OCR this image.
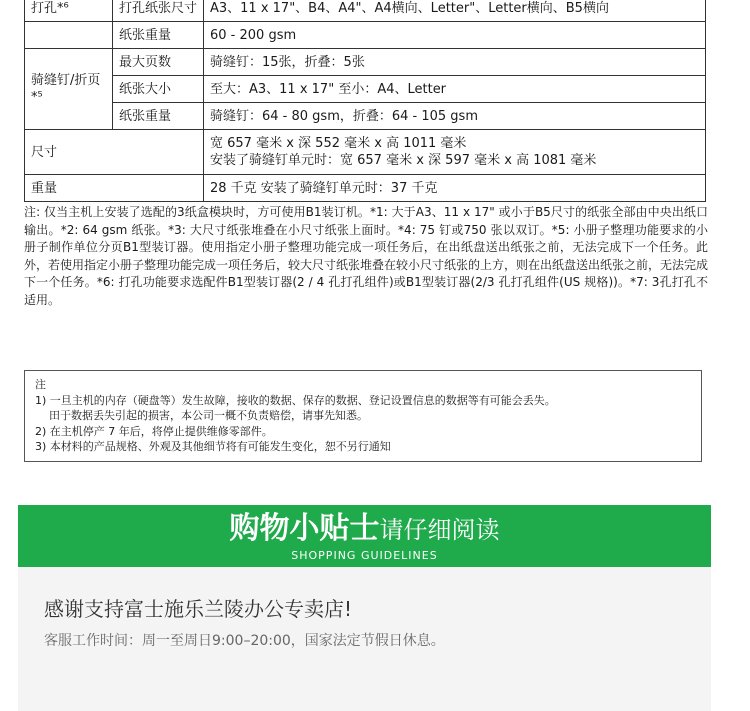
打孔*⁶	打孔纸张尺寸	A3、11 x 17"、B4、A4"、A4横向、Letter"、Letter横向、B5横向
	纸张重量	60 - 200 gsm
骑缝钉/折页*⁵	最大页数	骑缝钉：15张，折叠：5张
	纸张大小	至大：A3、11 x 17" 至小：A4、Letter
	纸张重量	骑缝钉：64 - 80 gsm，折叠：64 - 105 gsm
尺寸		宽 657 毫米 x 深 552 毫米 x 高 1011 毫米
安装了骑缝钉单元时：宽 657 毫米 x 深 597 毫米 x 高 1081 毫米

重量		28 千克 安装了骑缝钉单元时：37 千克
注: 仅当主机上安装了选配的3纸盒模块时，方可使用B1装订机。*1: 大于A3、11 x 17" 或小于B5尺寸的纸张全部由中央出纸口输出。*2: 64 gsm 纸张。*3: 大尺寸纸张堆叠在小尺寸纸张上面时。*4: 75 钉或750 张以双订。*5: 小册子整理功能要求的小册子制作单位分页B1型装订器。使用指定小册子整理功能完成一项任务后，在出纸盘送出纸张之前，无法完成下一个任务。此外，若使用指定小册子整理功能完成一项任务后，较大尺寸纸张堆叠在较小尺寸纸张的上方，则在出纸盘送出纸张之前，无法完成下一个任务。*6: 打孔功能要求选配件B1型装订器(2 / 4 孔打孔组件)或B1型装订器(2/3 孔打孔组件(US 规格))。*7: 3孔打孔不适用。
注
1) 一旦主机的内存（硬盘等）发生故障，接收的数据、保存的数据、登记设置信息的数据等有可能会丢失。
田于数据丢失引起的损害，本公司一概不负责赔偿，请事先知悉。
2) 在主机停产 7 年后，将停止提供维修零部件。
3) 本材料的产品规格、外观及其他细节将有可能发生变化，恕不另行通知
购物小贴士请仔细阅读
SHOPPING GUIDELINES
感谢支持富士施乐兰陵办公专卖店!
客服工作时间：周一至周日9:00–20:00，国家法定节假日休息。
